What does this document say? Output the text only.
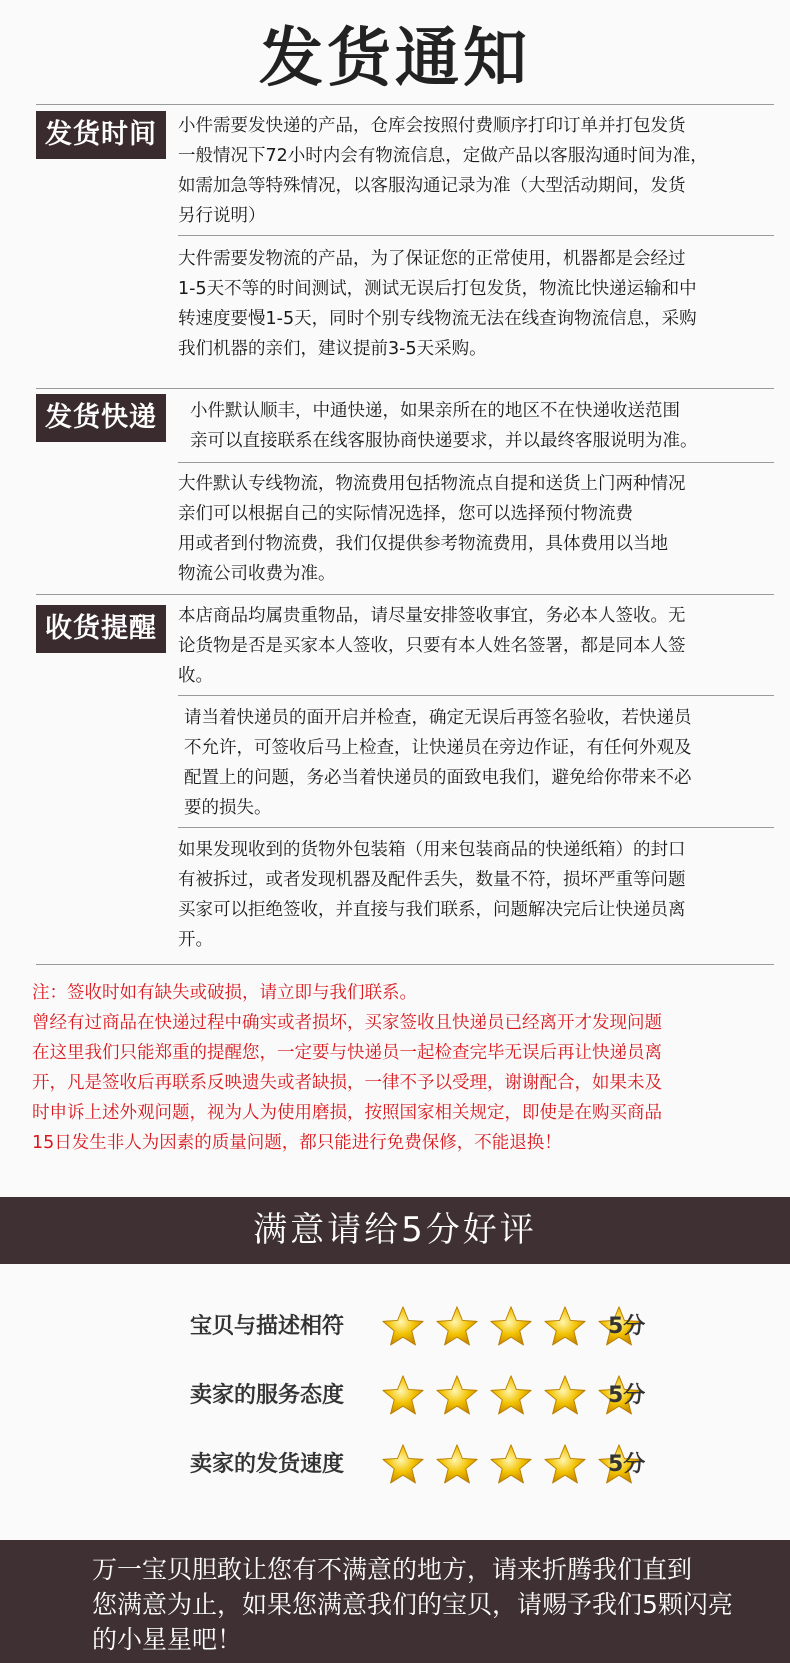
发货通知
发货时间	小件需要发快递的产品，仓库会按照付费顺序打印订单并打包发货
一般情况下72小时内会有物流信息，定做产品以客服沟通时间为准，
如需加急等特殊情况，以客服沟通记录为准（大型活动期间，发货
另行说明）
大件需要发物流的产品，为了保证您的正常使用，机器都是会经过
1-5天不等的时间测试，测试无误后打包发货，物流比快递运输和中
转速度要慢1-5天，同时个别专线物流无法在线查询物流信息，采购
我们机器的亲们，建议提前3-5天采购。
发货快递	小件默认顺丰，中通快递，如果亲所在的地区不在快递收送范围
亲可以直接联系在线客服协商快递要求，并以最终客服说明为准。
大件默认专线物流，物流费用包括物流点自提和送货上门两种情况
亲们可以根据自己的实际情况选择，您可以选择预付物流费
用或者到付物流费，我们仅提供参考物流费用，具体费用以当地
物流公司收费为准。
收货提醒	本店商品均属贵重物品，请尽量安排签收事宜，务必本人签收。无
论货物是否是买家本人签收，只要有本人姓名签署，都是同本人签
收。
请当着快递员的面开启并检查，确定无误后再签名验收，若快递员
不允许，可签收后马上检查，让快递员在旁边作证，有任何外观及
配置上的问题，务必当着快递员的面致电我们，避免给你带来不必
要的损失。
如果发现收到的货物外包装箱（用来包装商品的快递纸箱）的封口
有被拆过，或者发现机器及配件丢失，数量不符，损坏严重等问题
买家可以拒绝签收，并直接与我们联系，问题解决完后让快递员离
开。
注：签收时如有缺失或破损，请立即与我们联系。
曾经有过商品在快递过程中确实或者损坏，买家签收且快递员已经离开才发现问题
在这里我们只能郑重的提醒您，一定要与快递员一起检查完毕无误后再让快递员离
开，凡是签收后再联系反映遗失或者缺损，一律不予以受理，谢谢配合，如果未及
时申诉上述外观问题，视为人为使用磨损，按照国家相关规定，即使是在购买商品
15日发生非人为因素的质量问题，都只能进行免费保修，不能退换！
满意请给5分好评
宝贝与描述相符	5分
卖家的服务态度	5分
卖家的发货速度	5分
万一宝贝胆敢让您有不满意的地方，请来折腾我们直到
您满意为止，如果您满意我们的宝贝，请赐予我们5颗闪亮
的小星星吧！
